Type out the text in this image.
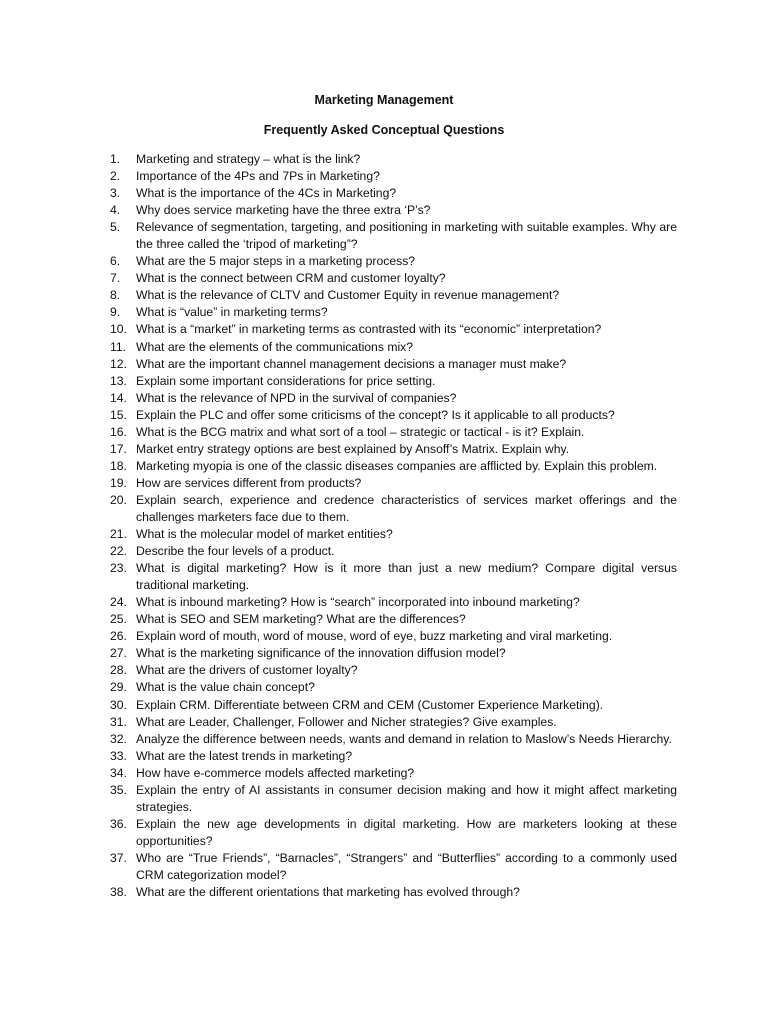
Marketing Management
Frequently Asked Conceptual Questions
1.	Marketing and strategy – what is the link?
2.	Importance of the 4Ps and 7Ps in Marketing?
3.	What is the importance of the 4Cs in Marketing?
4.	Why does service marketing have the three extra ‘P’s?
5.	Relevance of segmentation, targeting, and positioning in marketing with suitable examples. Why are the three called the ‘tripod of marketing”?
6.	What are the 5 major steps in a marketing process?
7.	What is the connect between CRM and customer loyalty?
8.	What is the relevance of CLTV and Customer Equity in revenue management?
9.	What is “value” in marketing terms?
10. What is a “market” in marketing terms as contrasted with its “economic” interpretation?
11. What are the elements of the communications mix?
12. What are the important channel management decisions a manager must make?
13. Explain some important considerations for price setting.
14. What is the relevance of NPD in the survival of companies?
15. Explain the PLC and offer some criticisms of the concept? Is it applicable to all products?
16. What is the BCG matrix and what sort of a tool – strategic or tactical - is it? Explain.
17. Market entry strategy options are best explained by Ansoff’s Matrix. Explain why.
18. Marketing myopia is one of the classic diseases companies are afflicted by. Explain this problem.
19. How are services different from products?
20. Explain search, experience and credence characteristics of services market offerings and the challenges marketers face due to them.
21. What is the molecular model of market entities?
22. Describe the four levels of a product.
23. What is digital marketing? How is it more than just a new medium? Compare digital versus traditional marketing.
24. What is inbound marketing? How is “search” incorporated into inbound marketing?
25. What is SEO and SEM marketing? What are the differences?
26. Explain word of mouth, word of mouse, word of eye, buzz marketing and viral marketing.
27. What is the marketing significance of the innovation diffusion model?
28. What are the drivers of customer loyalty?
29. What is the value chain concept?
30. Explain CRM. Differentiate between CRM and CEM (Customer Experience Marketing).
31. What are Leader, Challenger, Follower and Nicher strategies? Give examples.
32. Analyze the difference between needs, wants and demand in relation to Maslow’s Needs Hierarchy.
33. What are the latest trends in marketing?
34. How have e-commerce models affected marketing?
35. Explain the entry of AI assistants in consumer decision making and how it might affect marketing strategies.
36. Explain the new age developments in digital marketing. How are marketers looking at these opportunities?
37. Who are “True Friends”, “Barnacles”, “Strangers” and “Butterflies” according to a commonly used CRM categorization model?
38. What are the different orientations that marketing has evolved through?
